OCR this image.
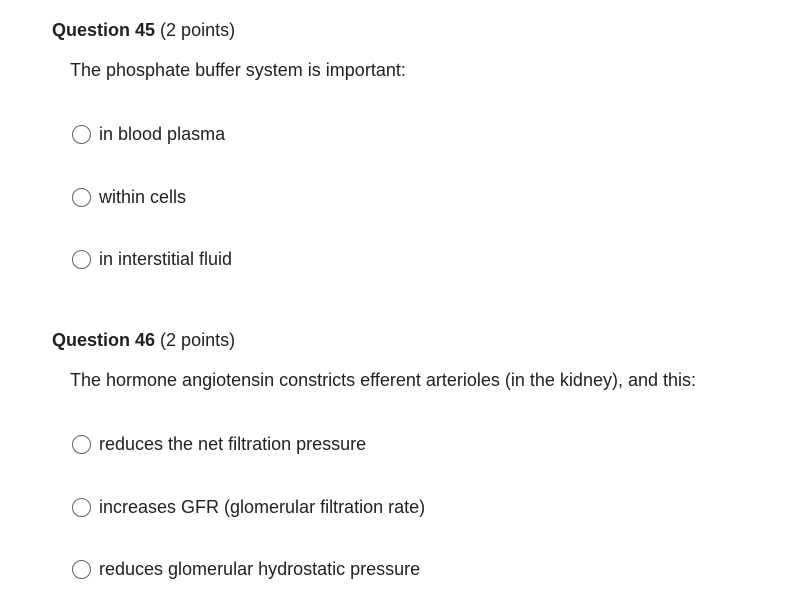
Question 45 (2 points)
The phosphate buffer system is important:
in blood plasma
within cells
in interstitial fluid
Question 46 (2 points)
The hormone angiotensin constricts efferent arterioles (in the kidney), and this:
reduces the net filtration pressure
increases GFR (glomerular filtration rate)
reduces glomerular hydrostatic pressure
